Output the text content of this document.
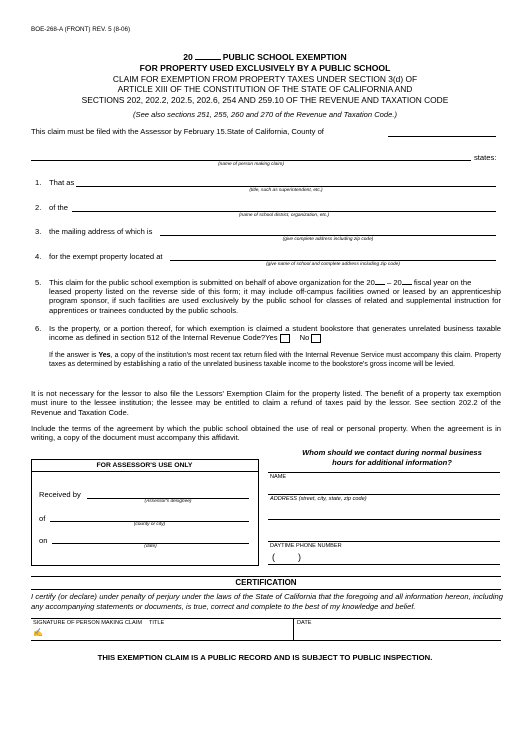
BOE-268-A (FRONT) REV. 5 (8-06)
20	PUBLIC SCHOOL EXEMPTION
FOR PROPERTY USED EXCLUSIVELY BY A PUBLIC SCHOOL
CLAIM FOR EXEMPTION FROM PROPERTY TAXES UNDER SECTION 3(d) OF
ARTICLE XIII OF THE CONSTITUTION OF THE STATE OF CALIFORNIA AND
SECTIONS 202, 202.2, 202.5, 202.6, 254 AND 259.10 OF THE REVENUE AND TAXATION CODE
(See also sections 251, 255, 260 and 270 of the Revenue and Taxation Code.)
This claim must be filed with the Assessor by February 15.State of California, County of
states:
(name of person making claim)
1. That as
(title, such as superintendent, etc.)
2. of the
(name of school district, organization, etc.)
3. the mailing address of which is
(give complete address including zip code)
4. for the exempt property located at
(give name of school and complete address including zip code)
5. This claim for the public school exemption is submitted on behalf of above organization for the 20 – 20 fiscal year on the
leased property listed on the reverse side of this form; it may include off-campus facilities owned or leased by an apprenticeship program sponsor, if such facilities are used exclusively by the public school for classes of related and supplemental instruction for apprentices or trainees conducted by the public schools.
6. Is the property, or a portion thereof, for which exemption is claimed a student bookstore that generates unrelated business taxable income as defined in section 512 of the Internal Revenue Code?Yes	No
If the answer is Yes, a copy of the institution's most recent tax return filed with the Internal Revenue Service must accompany this claim. Property taxes as determined by establishing a ratio of the unrelated business taxable income to the bookstore's gross income will be levied.
It is not necessary for the lessor to also file the Lessors' Exemption Claim for the property listed. The benefit of a property tax exemption must inure to the lessee institution; the lessee may be entitled to claim a refund of taxes paid by the lessor. See section 202.2 of the Revenue and Taxation Code.
Include the terms of the agreement by which the public school obtained the use of real or personal property. When the agreement is in writing, a copy of the document must accompany this affidavit.
FOR ASSESSOR'S USE ONLY
Received by
(Assessor's designee)
of
(county or city)
on
(date)
Whom should we contact during normal business
hours for additional information?
NAME
ADDRESS (street, city, state, zip code)
DAYTIME PHONE NUMBER
(	)
CERTIFICATION
I certify (or declare) under penalty of perjury under the laws of the State of California that the foregoing and all information hereon, including any accompanying statements or documents, is true, correct and complete to the best of my knowledge and belief.
SIGNATURE OF PERSON MAKING CLAIM TITLE	DATE
✍
THIS EXEMPTION CLAIM IS A PUBLIC RECORD AND IS SUBJECT TO PUBLIC INSPECTION.
